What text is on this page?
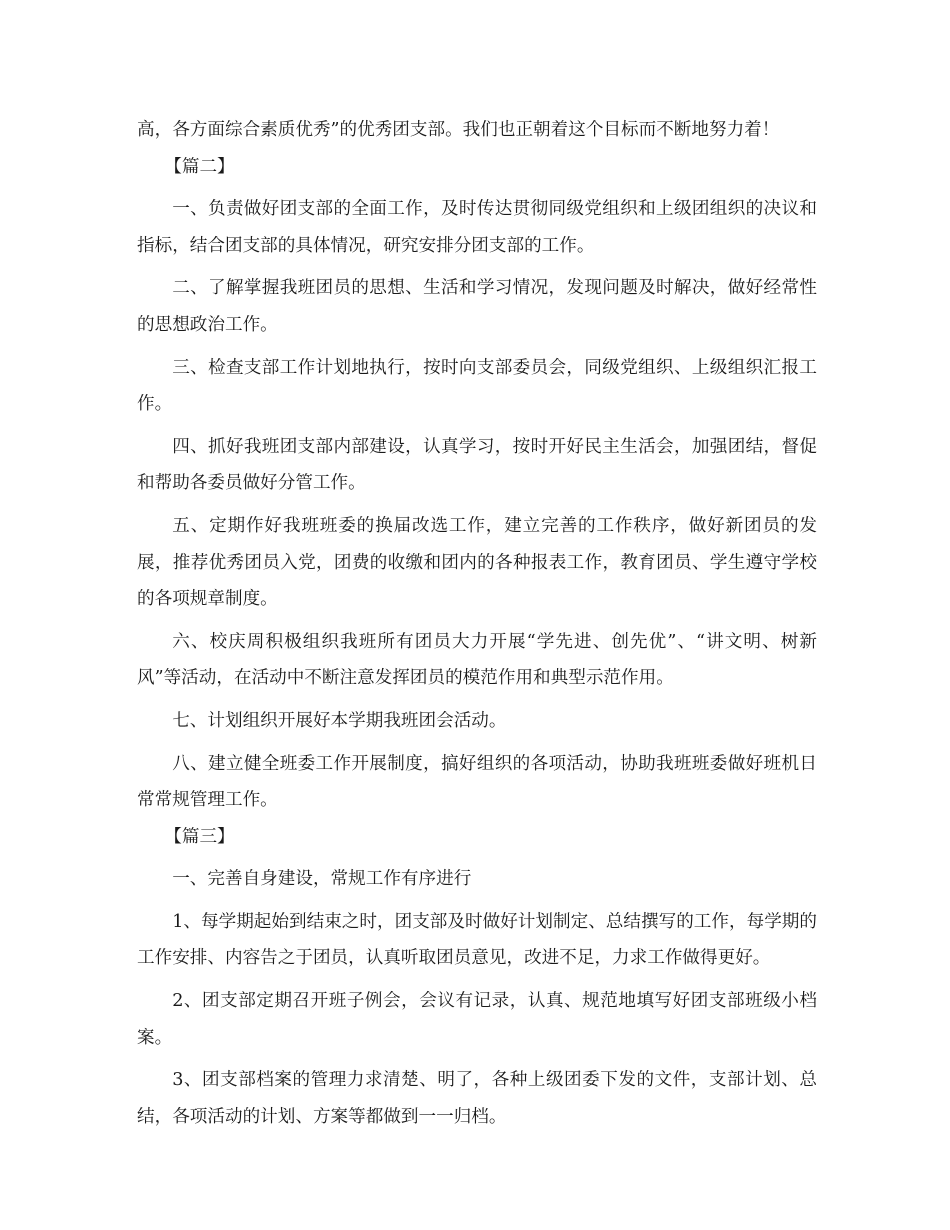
高，各方面综合素质优秀”的优秀团支部。我们也正朝着这个目标而不断地努力着！

【篇二】

一、负责做好团支部的全面工作，及时传达贯彻同级党组织和上级团组织的决议和指标，结合团支部的具体情况，研究安排分团支部的工作。

二、了解掌握我班团员的思想、生活和学习情况，发现问题及时解决，做好经常性的思想政治工作。

三、检查支部工作计划地执行，按时向支部委员会，同级党组织、上级组织汇报工作。

四、抓好我班团支部内部建设，认真学习，按时开好民主生活会，加强团结，督促和帮助各委员做好分管工作。

五、定期作好我班班委的换届改选工作，建立完善的工作秩序，做好新团员的发展，推荐优秀团员入党，团费的收缴和团内的各种报表工作，教育团员、学生遵守学校的各项规章制度。

六、校庆周积极组织我班所有团员大力开展“学先进、创先优”、“讲文明、树新风”等活动，在活动中不断注意发挥团员的模范作用和典型示范作用。

七、计划组织开展好本学期我班团会活动。

八、建立健全班委工作开展制度，搞好组织的各项活动，协助我班班委做好班机日常常规管理工作。

【篇三】

一、完善自身建设，常规工作有序进行

1、每学期起始到结束之时，团支部及时做好计划制定、总结撰写的工作，每学期的工作安排、内容告之于团员，认真听取团员意见，改进不足，力求工作做得更好。

2、团支部定期召开班子例会，会议有记录，认真、规范地填写好团支部班级小档案。

3、团支部档案的管理力求清楚、明了，各种上级团委下发的文件，支部计划、总结，各项活动的计划、方案等都做到一一归档。
